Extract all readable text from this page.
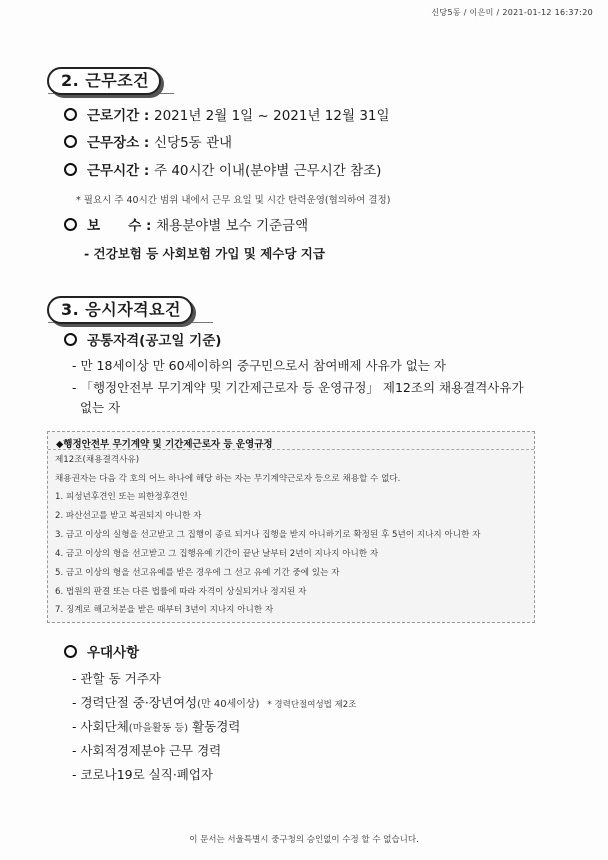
신당5동 / 이은미 / 2021-01-12 16:37:20
2. 근무조건
근로기간 : 2021년 2월 1일 ~ 2021년 12월 31일
근무장소 : 신당5동 관내
근무시간 : 주 40시간 이내(분야별 근무시간 참조)
* 필요시 주 40시간 범위 내에서 근무 요일 및 시간 탄력운영(협의하여 결정)
보      수 : 채용분야별 보수 기준금액
- 건강보험 등 사회보험 가입 및 제수당 지급
3. 응시자격요건
공통자격(공고일 기준)
- 만 18세이상 만 60세이하의 중구민으로서 참여배제 사유가 없는 자
- 「행정안전부 무기계약 및 기간제근로자 등 운영규정」 제12조의 채용결격사유가
없는 자
◆행정안전부 무기계약 및 기간제근로자 등 운영규정
제12조(채용결격사유)
채용권자는 다음 각 호의 어느 하나에 해당 하는 자는 무기계약근로자 등으로 채용할 수 없다.
1. 피성년후견인 또는 피한정후견인
2. 파산선고를 받고 복권되지 아니한 자
3. 금고 이상의 실형을 선고받고 그 집행이 종료 되거나 집행을 받지 아니하기로 확정된 후 5년이 지나지 아니한 자
4. 금고 이상의 형을 선고받고 그 집행유예 기간이 끝난 날부터 2년이 지나지 아니한 자
5. 금고 이상의 형을 선고유예를 받은 경우에 그 선고 유예 기간 중에 있는 자
6. 법원의 판결 또는 다른 법률에 따라 자격이 상실되거나 정지된 자
7. 징계로 해고처분을 받은 때부터 3년이 지나지 아니한 자
우대사항
- 관할 동 거주자
- 경력단절 중·장년여성(만 40세이상) * 경력단절여성법 제2조
- 사회단체(마을활동 등) 활동경력
- 사회적경제분야 근무 경력
- 코로나19로 실직·폐업자
이 문서는 서울특별시 중구청의 승인없이 수정 할 수 없습니다.
